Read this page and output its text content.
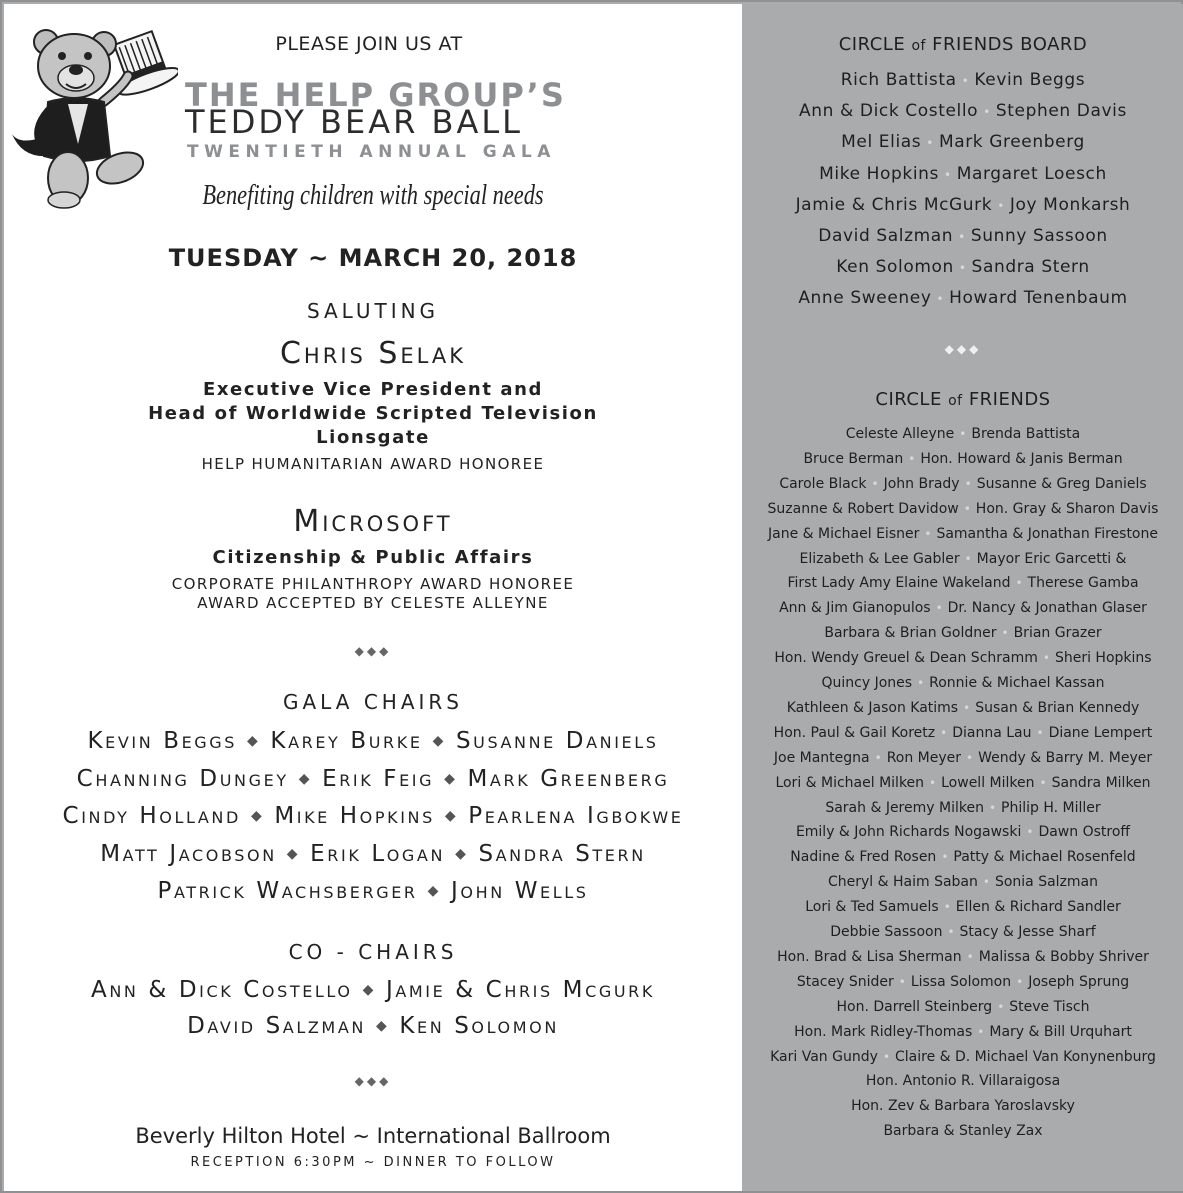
PLEASE JOIN US AT
THE HELP GROUP’S
TEDDY BEAR BALL
TWENTIETH ANNUAL GALA
Benefiting children with special needs
TUESDAY ~ MARCH 20, 2018
SALUTING
Chris Selak
Executive Vice President and
Head of Worldwide Scripted Television
Lionsgate
HELP HUMANITARIAN AWARD HONOREE
Microsoft
Citizenship & Public Affairs
CORPORATE PHILANTHROPY AWARD HONOREE
AWARD ACCEPTED BY CELESTE ALLEYNE
◆◆◆
GALA CHAIRS
Kevin Beggs ◆ Karey Burke ◆ Susanne Daniels
Channing Dungey ◆ Erik Feig ◆ Mark Greenberg
Cindy Holland ◆ Mike Hopkins ◆ Pearlena Igbokwe
Matt Jacobson ◆ Erik Logan ◆ Sandra Stern
Patrick Wachsberger ◆ John Wells
CO - CHAIRS
Ann & Dick Costello ◆ Jamie & Chris Mcgurk
David Salzman ◆ Ken Solomon
◆◆◆
Beverly Hilton Hotel ~ International Ballroom
RECEPTION 6:30PM ~ DINNER TO FOLLOW
CIRCLE of FRIENDS BOARD
Rich Battista • Kevin Beggs
Ann & Dick Costello • Stephen Davis
Mel Elias • Mark Greenberg
Mike Hopkins • Margaret Loesch
Jamie & Chris McGurk • Joy Monkarsh
David Salzman • Sunny Sassoon
Ken Solomon • Sandra Stern
Anne Sweeney • Howard Tenenbaum
◆◆◆
CIRCLE of FRIENDS
Celeste Alleyne • Brenda Battista
Bruce Berman • Hon. Howard & Janis Berman
Carole Black • John Brady • Susanne & Greg Daniels
Suzanne & Robert Davidow • Hon. Gray & Sharon Davis
Jane & Michael Eisner • Samantha & Jonathan Firestone
Elizabeth & Lee Gabler • Mayor Eric Garcetti &
First Lady Amy Elaine Wakeland • Therese Gamba
Ann & Jim Gianopulos • Dr. Nancy & Jonathan Glaser
Barbara & Brian Goldner • Brian Grazer
Hon. Wendy Greuel & Dean Schramm • Sheri Hopkins
Quincy Jones • Ronnie & Michael Kassan
Kathleen & Jason Katims • Susan & Brian Kennedy
Hon. Paul & Gail Koretz • Dianna Lau • Diane Lempert
Joe Mantegna • Ron Meyer • Wendy & Barry M. Meyer
Lori & Michael Milken • Lowell Milken • Sandra Milken
Sarah & Jeremy Milken • Philip H. Miller
Emily & John Richards Nogawski • Dawn Ostroff
Nadine & Fred Rosen • Patty & Michael Rosenfeld
Cheryl & Haim Saban • Sonia Salzman
Lori & Ted Samuels • Ellen & Richard Sandler
Debbie Sassoon • Stacy & Jesse Sharf
Hon. Brad & Lisa Sherman • Malissa & Bobby Shriver
Stacey Snider • Lissa Solomon • Joseph Sprung
Hon. Darrell Steinberg • Steve Tisch
Hon. Mark Ridley-Thomas • Mary & Bill Urquhart
Kari Van Gundy • Claire & D. Michael Van Konynenburg
Hon. Antonio R. Villaraigosa
Hon. Zev & Barbara Yaroslavsky
Barbara & Stanley Zax
